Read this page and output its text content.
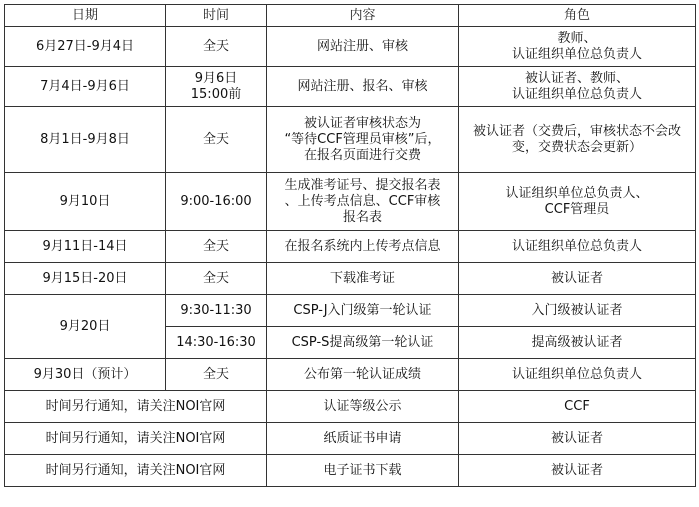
日期	时间	内容	角色
6月27日-9月4日	全天	网站注册、审核	教师、
认证组织单位总负责人

7月4日-9月6日	9月6日
15:00前	网站注册、报名、审核	被认证者、教师、
认证组织单位总负责人

8月1日-9月8日	全天	被认证者审核状态为
“等待CCF管理员审核”后，
在报名页面进行交费	被认证者（交费后，审核状态不会改
变，交费状态会更新）

9月10日	9:00-16:00	生成准考证号、提交报名表
、上传考点信息、CCF审核
报名表	认证组织单位总负责人、
CCF管理员

9月11日-14日	全天	在报名系统内上传考点信息	认证组织单位总负责人

9月15日-20日	全天	下载准考证	被认证者

9月20日	9:30-11:30	CSP-J入门级第一轮认证	入门级被认证者

	14:30-16:30	CSP-S提高级第一轮认证	提高级被认证者

9月30日（预计）	全天	公布第一轮认证成绩	认证组织单位总负责人

时间另行通知，请关注NOI官网		认证等级公示	CCF

时间另行通知，请关注NOI官网		纸质证书申请	被认证者

时间另行通知，请关注NOI官网		电子证书下载	被认证者
